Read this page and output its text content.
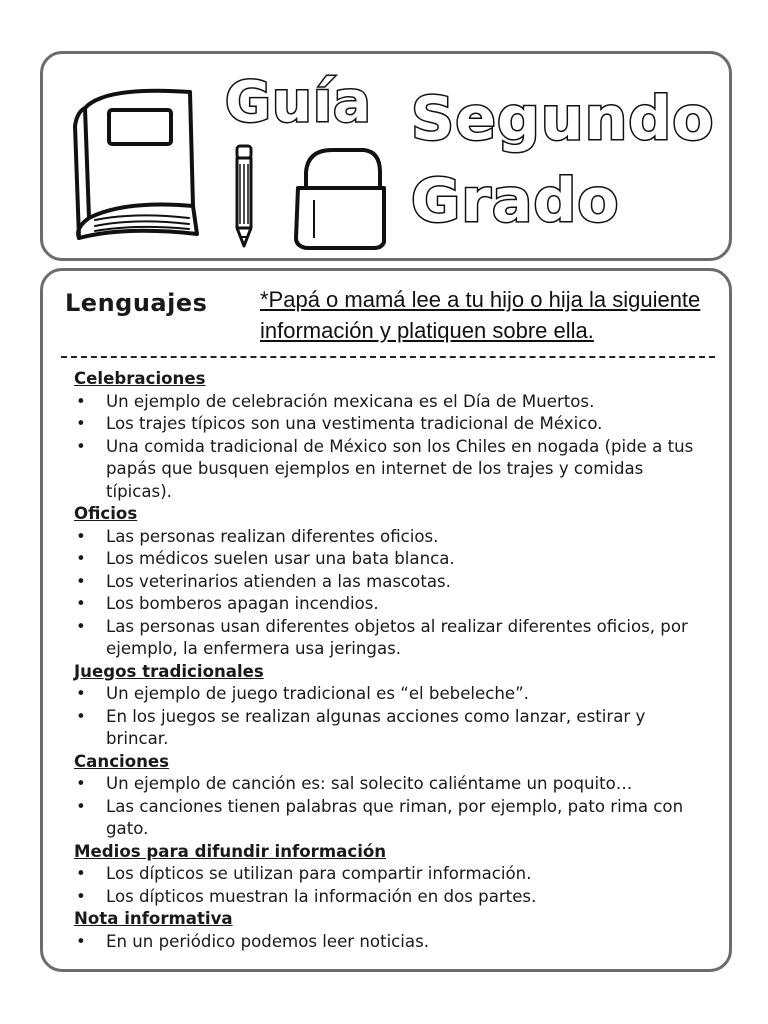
Guía Segundo
Grado
Lenguajes *Papá o mamá lee a tu hijo o hija la siguiente información y platiquen sobre ella.
Celebraciones
• Un ejemplo de celebración mexicana es el Día de Muertos.
• Los trajes típicos son una vestimenta tradicional de México.
• Una comida tradicional de México son los Chiles en nogada (pide a tus papás que busquen ejemplos en internet de los trajes y comidas típicas).
Oficios
• Las personas realizan diferentes oficios.
• Los médicos suelen usar una bata blanca.
• Los veterinarios atienden a las mascotas.
• Los bomberos apagan incendios.
• Las personas usan diferentes objetos al realizar diferentes oficios, por ejemplo, la enfermera usa jeringas.
Juegos tradicionales
• Un ejemplo de juego tradicional es “el bebeleche”.
• En los juegos se realizan algunas acciones como lanzar, estirar y brincar.
Canciones
• Un ejemplo de canción es: sal solecito caliéntame un poquito…
• Las canciones tienen palabras que riman, por ejemplo, pato rima con gato.
Medios para difundir información
• Los dípticos se utilizan para compartir información.
• Los dípticos muestran la información en dos partes.
Nota informativa
• En un periódico podemos leer noticias.
